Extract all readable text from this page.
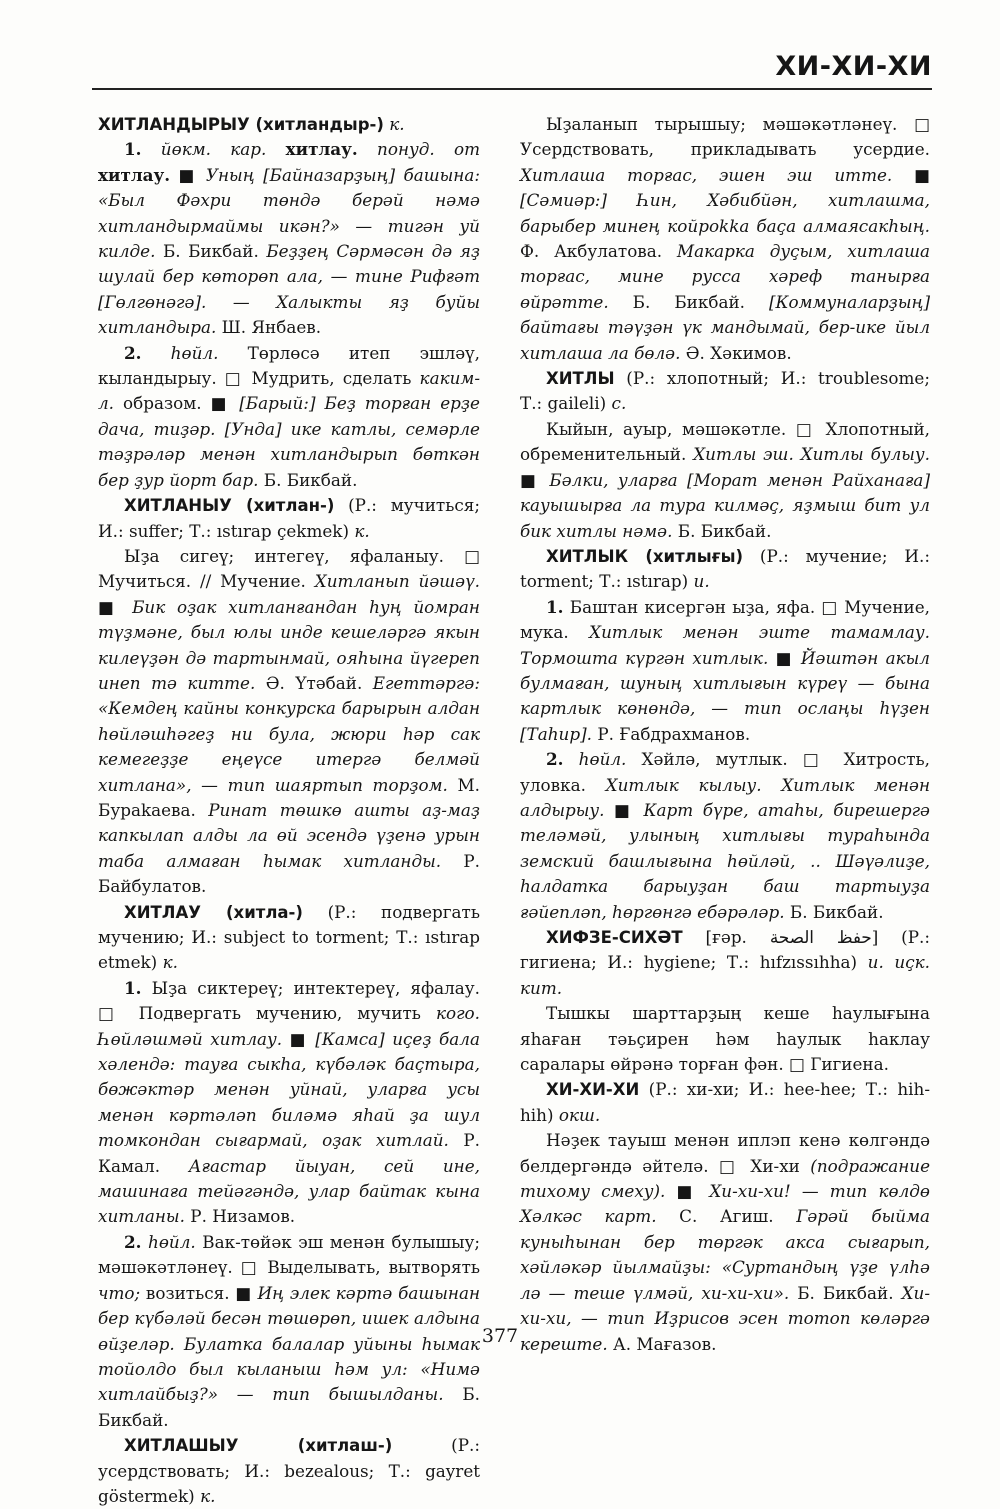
ХИ-ХИ-ХИ

ХИТЛАНДЫРЫУ (хитландыр-) к.

1. йөкм. кар. хитлау. понуд. от хитлау. ■ Уның [Байназарҙың] башына: «Был Фәхри төндә берәй нәмә хитландырмаймы икән?» — тигән уй килде. Б. Бикбай. Беҙҙең Сәрмәсән дә яҙ шулай бер көторөп ала, — тине Рифғәт [Гөлгөнәгә]. — Халыкты яҙ буйы хитландыра. Ш. Янбаев.

2. һөйл. Төрлөсә итеп эшләү, кыландырыу. □ Мудрить, сделать каким-л. образом. ■ [Барый:] Беҙ торған ерҙе дача, тиҙәр. [Унда] ике катлы, семәрле тәҙрәләр менән хитландырып бөткән бер ҙур йорт бар. Б. Бикбай.

ХИТЛАНЫУ (хитлан-) (Р.: мучиться; И.: suffer; Т.: ıstırap çekmek) к.

Ыҙа сигеү; интегеү, яфаланыу. □ Мучиться. // Мучение. Хитланып йәшәү. ■ Бик оҙак хитланғандан һуң йомран түҙмәне, был юлы инде кешеләргә якын килеүҙән дә тартынмай, ояһына йүгереп инеп тә китте. Ә. Үтәбай. Егеттәргә: «Кемдең кайны конкурска барырын алдан һөйләшһәгеҙ ни була, жюри һәр сак кемегеҙҙе еңеүсе итергә белмәй хитлана», — тип шаяртып торҙом. М. Бураkaева. Ринат төшкө ашты аҙ-маҙ капкылап алды ла өй эсендә үҙенә урын таба алмаған һымак хитланды. Р. Байбулатов.

ХИТЛАУ (хитла-) (Р.: подвергать мучению; И.: subject to torment; Т.: ıstırap etmek) к.

1. Ыҙа сиктереү; интектереү, яфалау. □ Подвергать мучению, мучить кого. Һөйләшмәй хитлау. ■ [Камса] иҫеҙ бала хәлендә: тауға сыкһа, күбәләк баҫтыра, бөжәктәр менән уйнай, уларға усы менән кәртәләп биләмә яһай ҙа шул томкондан сығармай, оҙак хитлай. Р. Камал. Ағастар йыуан, сей ине, машинаға тейәгәндә, улар байтак кына хитланы. Р. Низамов.

2. һөйл. Вак-төйәк эш менән булышыу; мәшәкәтләнеү. □ Выделывать, вытворять что; возиться. ■ Иң элек кәртә башынан бер күбәләй бесән төшөрөп, ишек алдына өйҙеләр. Булатка балалар уйыны һымак тойолдо был кыланыш һәм ул: «Нимә хитлайбыҙ?» — тип бышылданы. Б. Бикбай.

ХИТЛАШЫУ (хитлаш-) (Р.: усердствовать; И.: bezealous; Т.: gayret göstermek) к.

Ыҙаланып тырышыу; мәшәкәтләнеү. □ Усердствовать, прикладывать усердие. Хитлаша торғас, эшен эш итте. ■ [Сәмиәр:] Һин, Хәбибйән, хитлашма, барыбер минең койроkka баҫа алмаясакһың. Ф. Акбулатова. Макарка дуҫым, хитлаша торғас, мине русса хәреф танырға өйрәтте. Б. Бикбай. [Коммуналарҙың] байтағы тәүҙән үк мандымай, бер-ике йыл хитлаша ла бөлә. Ә. Хәкимов.

ХИТЛЫ (Р.: хлопотный; И.: troublesome; Т.: gaileli) с.

Кыйын, ауыр, мәшәкәтле. □ Хлопотный, обременительный. Хитлы эш. Хитлы булыу. ■ Бәлки, уларға [Морат менән Райханаға] кауышырға ла тура килмәҫ, яҙмыш бит ул бик хитлы нәмә. Б. Бикбай.

ХИТЛЫК (хитлығы) (Р.: мучение; И.: torment; Т.: ıstırap) и.

1. Баштан кисергән ыҙа, яфа. □ Мучение, мука. Хитлык менән эште тамамлау. Тормошта күргән хитлык. ■ Йәштән акыл булмаған, шуның хитлығын күреү — бына картлык көнөндә, — тип ослаңы һүҙен [Таһир]. Р. Ғабдрахманов.

2. һөйл. Хәйлә, мутлык. □ Хитрость, уловка. Хитлык кылыу. Хитлык менән алдырыу. ■ Карт бүре, атаһы, бирешергә теләмәй, улының хитлығы тураһында земский башлығына һөйләй, .. Шәүәлиҙе, һалдатка барыуҙан баш тартыуҙа ғәйепләп, һөргөнгә ебәрәләр. Б. Бикбай.

ХИФЗЕ-СИХӘТ [ғәр. حفظ الصحة] (Р.: гигиена; И.: hygiene; Т.: hıfzıssıhha) и. иҫк. кит.

Тышкы шарттарҙың кеше һаулығына яһаған тәьҫирен һәм һаулык һаклау саралары өйрәнә торған фән. □ Гигиена.

ХИ-ХИ-ХИ (Р.: хи-хи; И.: hee-hee; Т.: hih-hih) окш.

Нәҙек тауыш менән иплэп кенә көлгәндә белдергәндә әйтелә. □ Хи-хи (подражание тихому смеху). ■ Хи-хи-хи! — тип көлдө Хәлкәс карт. С. Агиш. Гәрәй быйма куныһынан бер төргәк акса сығарып, хәйләкәр йылмайҙы: «Суртандың үҙе үлһә лә — теше үлмәй, хи-хи-хи». Б. Бикбай. Хи-хи-хи, — тип Иҙрисов эсен тотоп көләргә кереште. А. Мағазов.

377
